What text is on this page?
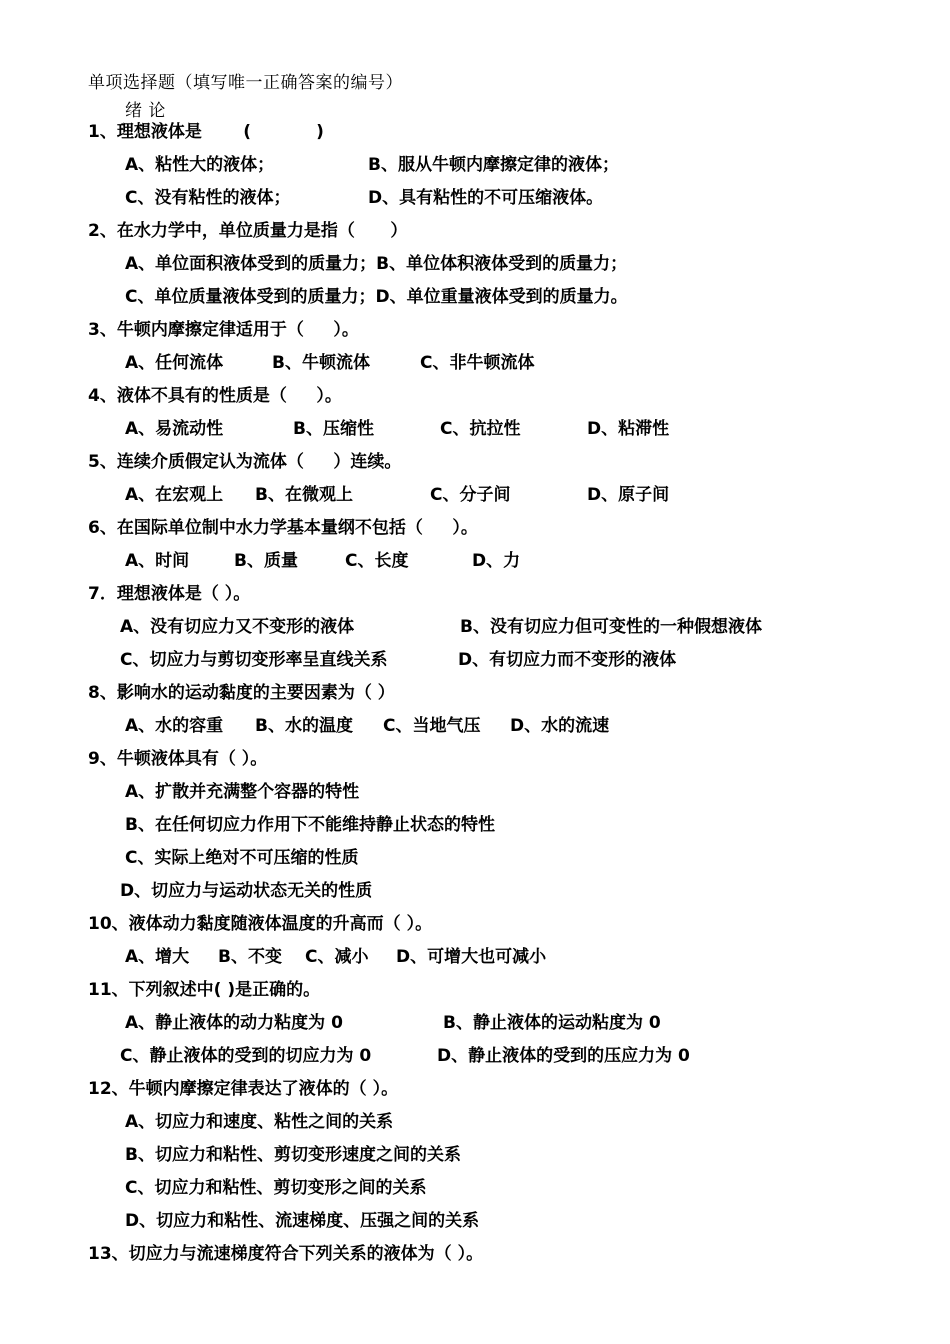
单项选择题（填写唯一正确答案的编号）
绪 论
1、理想液体是       (           )
A、粘性大的液体；	B、服从牛顿内摩擦定律的液体；
C、没有粘性的液体；	D、具有粘性的不可压缩液体。
2、在水力学中，单位质量力是指（      ）
A、单位面积液体受到的质量力；B、单位体积液体受到的质量力；
C、单位质量液体受到的质量力；D、单位重量液体受到的质量力。
3、牛顿内摩擦定律适用于（     ）。
A、任何流体	B、牛顿流体	C、非牛顿流体
4、液体不具有的性质是（     ）。
A、易流动性	B、压缩性	C、抗拉性	D、粘滞性
5、连续介质假定认为流体（     ）连续。
A、在宏观上 B、在微观上	C、分子间	D、原子间
6、在国际单位制中水力学基本量纲不包括（     ）。
A、时间	B、质量	C、长度	D、力
7．理想液体是（ ）。
A、没有切应力又不变形的液体	B、没有切应力但可变性的一种假想液体
C、切应力与剪切变形率呈直线关系	D、有切应力而不变形的液体
8、影响水的运动黏度的主要因素为（ ）
A、水的容重 B、水的温度 C、当地气压 D、水的流速
9、牛顿液体具有（ ）。
A、扩散并充满整个容器的特性
B、在任何切应力作用下不能维持静止状态的特性
C、实际上绝对不可压缩的性质
D、切应力与运动状态无关的性质
10、液体动力黏度随液体温度的升高而（ ）。
A、增大 B、不变 C、减小 D、可增大也可减小
11、下列叙述中( )是正确的。
A、静止液体的动力粘度为 0	B、静止液体的运动粘度为 0
C、静止液体的受到的切应力为 0	D、静止液体的受到的压应力为 0
12、牛顿内摩擦定律表达了液体的（ ）。
A、切应力和速度、粘性之间的关系
B、切应力和粘性、剪切变形速度之间的关系
C、切应力和粘性、剪切变形之间的关系
D、切应力和粘性、流速梯度、压强之间的关系
13、切应力与流速梯度符合下列关系的液体为（ ）。
